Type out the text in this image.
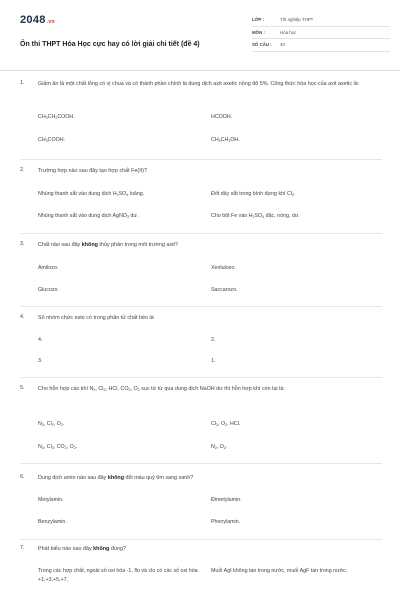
2048.vn
Ôn thi THPT Hóa Học cực hay có lời giải chi tiết (đề 4)
LỚP :	Tốt nghiệp THPT
MÔN :	Hóa học
SỐ CÂU :	40
1.	Giấm ăn là một chất lỏng có vị chua và có thành phần chính là dung dịch axit axetic nồng độ 5%. Công thức hóa học của axit axetic là:
$CH_3CH_2COOH$.	HCOOH.
$CH_3COOH$.	$CH_3CH_2OH$.
2.	Trường hợp nào sau đây tạo hợp chất Fe(II)?
Nhúng thanh sắt vào dung dịch $H_2SO_4$ loãng.	Đốt dây sắt trong bình đựng khí $Cl_2$.
Nhúng thanh sắt vào dung dịch AgNO$_3$ dư.	Cho bột Fe vào $H_2SO_4$ đặc, nóng, dư.
3.	Chất nào sau đây không thủy phân trong môi trường axit?
Amilozo.	Xenlulozo.
Glucozo.	Saccarozo.
4.	Số nhóm chức este có trong phân tử chất béo là
4.	2.
3.	1.
5.	Cho hỗn hợp các khí $N_2$, $Cl_2$, HCl, $CO_2$, $O_2$ sục từ từ qua dung dịch NaOH dư thì hỗn hợp khí còn lại là:
$N_2$, $Cl_2$, $O_2$.	$Cl_2$, $O_2$, HCl.
$N_2$, $Cl_2$, $CO_2$, $O_2$.	$N_2$, $O_2$.
6.	Dung dịch amin nào sau đây không đổi màu quỳ tím sang xanh?
Metylamin.	Đimetylamin.
Benzylamin.	Phenylamin.
7.	Phát biểu nào sau đây không đúng?
Trong các hợp chất, ngoài số oxi hóa -1, flo và clo có các số oxi hóa +1,+3,+5,+7.
Muối AgI không tan trong nước, muối AgF tan trong nước.
